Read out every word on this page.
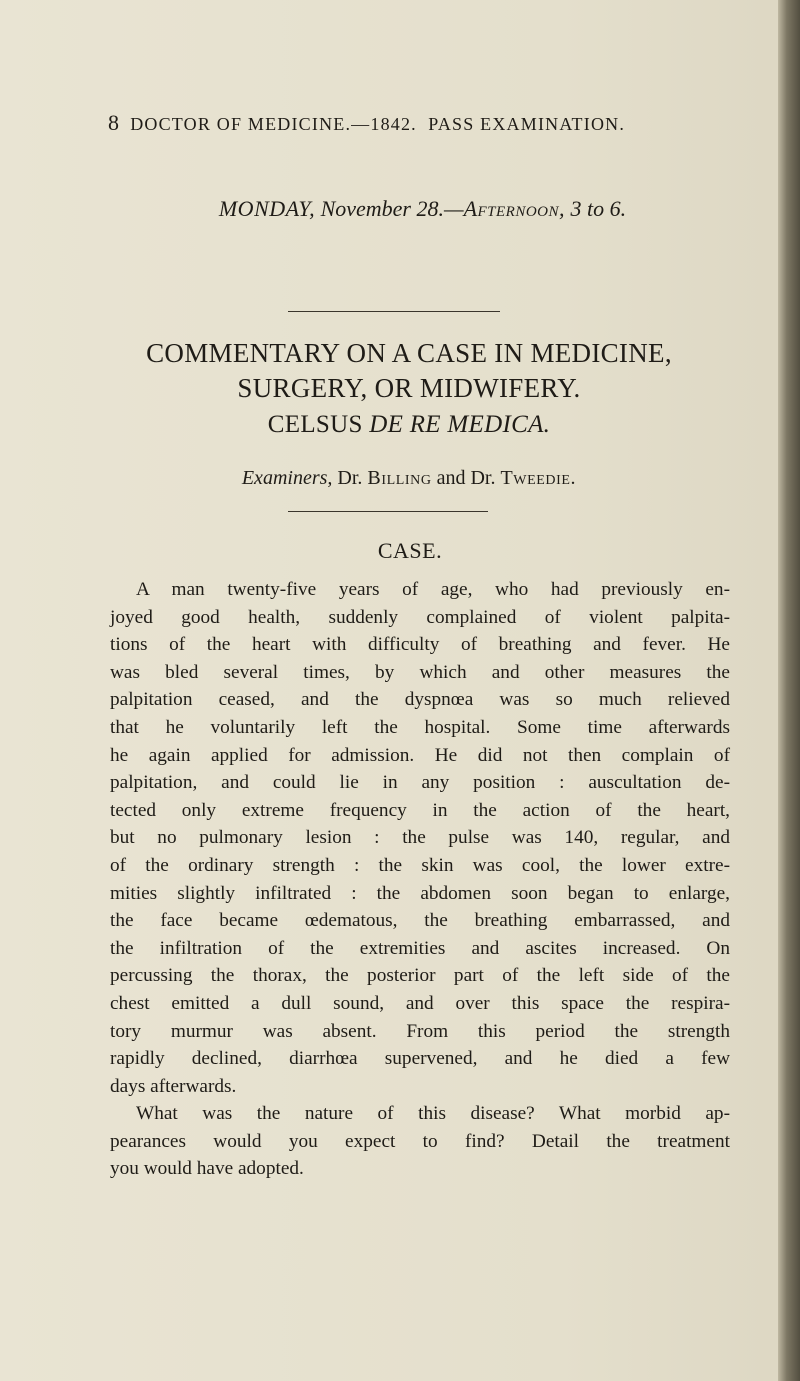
8 DOCTOR OF MEDICINE.—1842.  PASS EXAMINATION.
MONDAY, November 28.—Afternoon, 3 to 6.
COMMENTARY ON A CASE IN MEDICINE,
SURGERY, OR MIDWIFERY.
CELSUS DE RE MEDICA.
Examiners, Dr. Billing and Dr. Tweedie.
CASE.
A man twenty-five years of age, who had previously en-
joyed good health, suddenly complained of violent palpita-
tions of the heart with difficulty of breathing and fever. He
was bled several times, by which and other measures the
palpitation ceased, and the dyspnœa was so much relieved
that he voluntarily left the hospital. Some time afterwards
he again applied for admission. He did not then complain of
palpitation, and could lie in any position : auscultation de-
tected only extreme frequency in the action of the heart,
but no pulmonary lesion : the pulse was 140, regular, and
of the ordinary strength : the skin was cool, the lower extre-
mities slightly infiltrated : the abdomen soon began to enlarge,
the face became œdematous, the breathing embarrassed, and
the infiltration of the extremities and ascites increased. On
percussing the thorax, the posterior part of the left side of the
chest emitted a dull sound, and over this space the respira-
tory murmur was absent. From this period the strength
rapidly declined, diarrhœa supervened, and he died a few
days afterwards.
What was the nature of this disease? What morbid ap-
pearances would you expect to find? Detail the treatment
you would have adopted.
